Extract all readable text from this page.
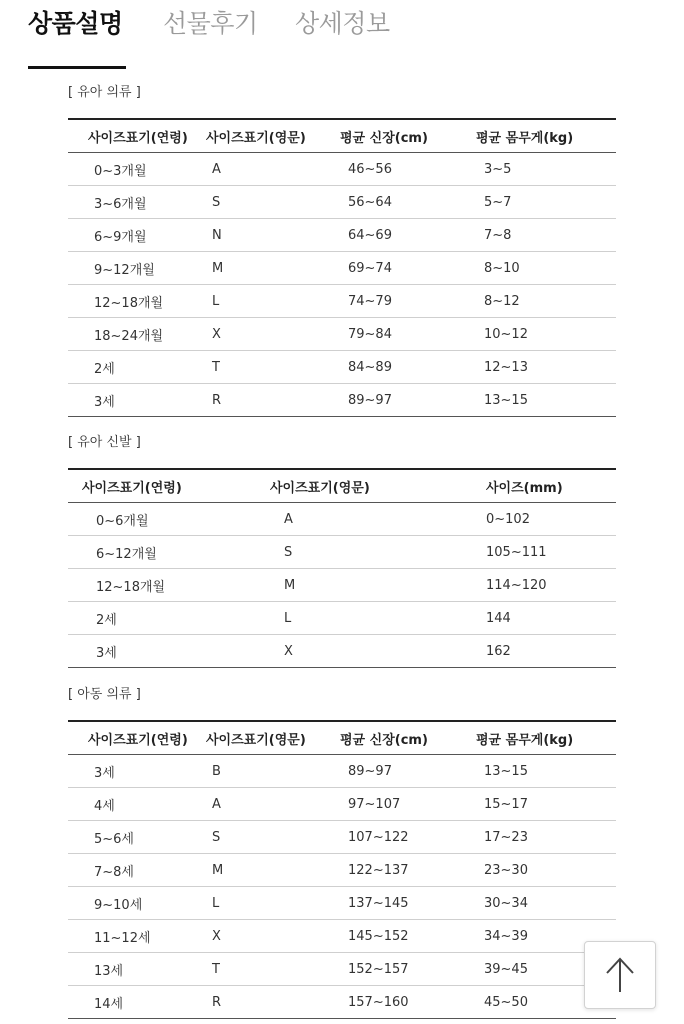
상품설명 선물후기 상세정보
[ 유아 의류 ]
사이즈표기(연령)	사이즈표기(영문)	평균 신장(cm)	평균 몸무게(kg)
0~3개월	A	46~56	3~5
3~6개월	S	56~64	5~7
6~9개월	N	64~69	7~8
9~12개월	M	69~74	8~10
12~18개월	L	74~79	8~12
18~24개월	X	79~84	10~12
2세	T	84~89	12~13
3세	R	89~97	13~15
[ 유아 신발 ]
사이즈표기(연령)	사이즈표기(영문)	사이즈(mm)
0~6개월	A	0~102
6~12개월	S	105~111
12~18개월	M	114~120
2세	L	144
3세	X	162
[ 아동 의류 ]
사이즈표기(연령)	사이즈표기(영문)	평균 신장(cm)	평균 몸무게(kg)
3세	B	89~97	13~15
4세	A	97~107	15~17
5~6세	S	107~122	17~23
7~8세	M	122~137	23~30
9~10세	L	137~145	30~34
11~12세	X	145~152	34~39
13세	T	152~157	39~45
14세	R	157~160	45~50
